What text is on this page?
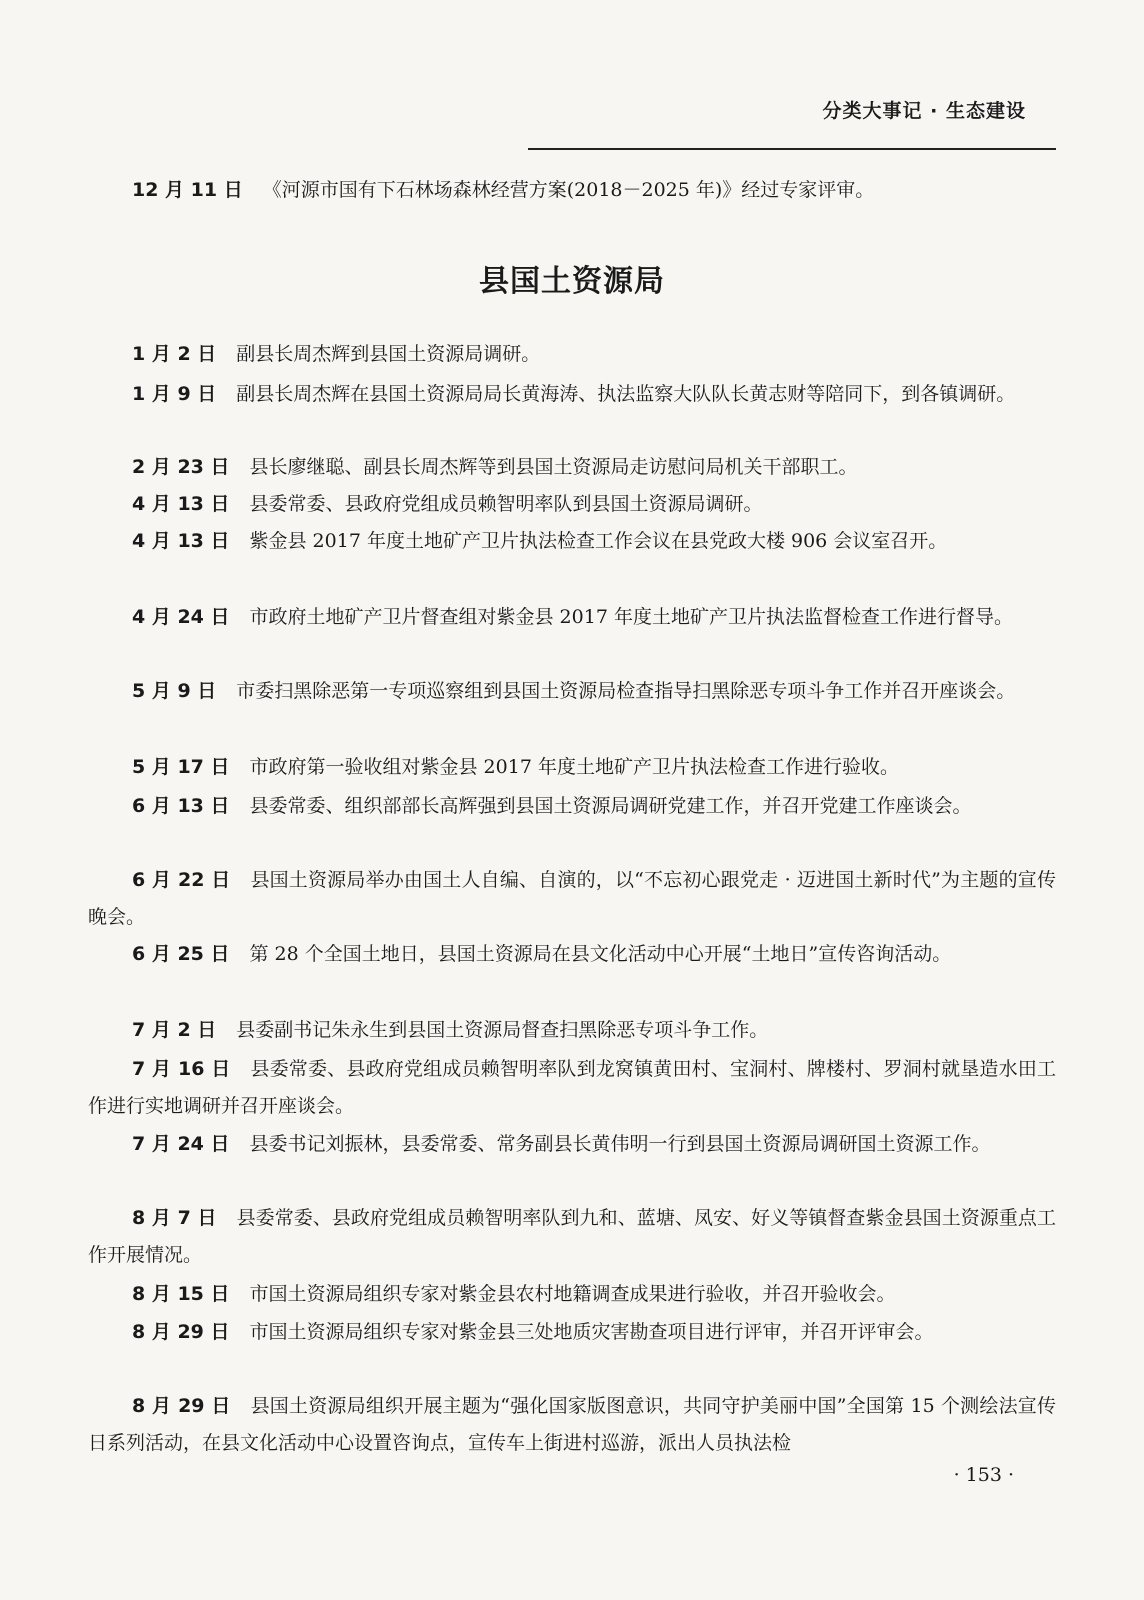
分类大事记 · 生态建设

12 月 11 日 《河源市国有下石林场森林经营方案(2018－2025 年)》经过专家评审。

县国土资源局

1 月 2 日 副县长周杰辉到县国土资源局调研。

1 月 9 日 副县长周杰辉在县国土资源局局长黄海涛、执法监察大队队长黄志财等陪同下，到各镇调研。

2 月 23 日 县长廖继聪、副县长周杰辉等到县国土资源局走访慰问局机关干部职工。

4 月 13 日 县委常委、县政府党组成员赖智明率队到县国土资源局调研。

4 月 13 日 紫金县 2017 年度土地矿产卫片执法检查工作会议在县党政大楼 906 会议室召开。

4 月 24 日 市政府土地矿产卫片督查组对紫金县 2017 年度土地矿产卫片执法监督检查工作进行督导。

5 月 9 日 市委扫黑除恶第一专项巡察组到县国土资源局检查指导扫黑除恶专项斗争工作并召开座谈会。

5 月 17 日 市政府第一验收组对紫金县 2017 年度土地矿产卫片执法检查工作进行验收。

6 月 13 日 县委常委、组织部部长高辉强到县国土资源局调研党建工作，并召开党建工作座谈会。

6 月 22 日 县国土资源局举办由国土人自编、自演的，以“不忘初心跟党走 · 迈进国土新时代”为主题的宣传晚会。

6 月 25 日 第 28 个全国土地日，县国土资源局在县文化活动中心开展“土地日”宣传咨询活动。

7 月 2 日 县委副书记朱永生到县国土资源局督查扫黑除恶专项斗争工作。

7 月 16 日 县委常委、县政府党组成员赖智明率队到龙窝镇黄田村、宝洞村、牌楼村、罗洞村就垦造水田工作进行实地调研并召开座谈会。

7 月 24 日 县委书记刘振林，县委常委、常务副县长黄伟明一行到县国土资源局调研国土资源工作。

8 月 7 日 县委常委、县政府党组成员赖智明率队到九和、蓝塘、凤安、好义等镇督查紫金县国土资源重点工作开展情况。

8 月 15 日 市国土资源局组织专家对紫金县农村地籍调查成果进行验收，并召开验收会。

8 月 29 日 市国土资源局组织专家对紫金县三处地质灾害勘查项目进行评审，并召开评审会。

8 月 29 日 县国土资源局组织开展主题为“强化国家版图意识，共同守护美丽中国”全国第 15 个测绘法宣传日系列活动，在县文化活动中心设置咨询点，宣传车上街进村巡游，派出人员执法检

· 153 ·
